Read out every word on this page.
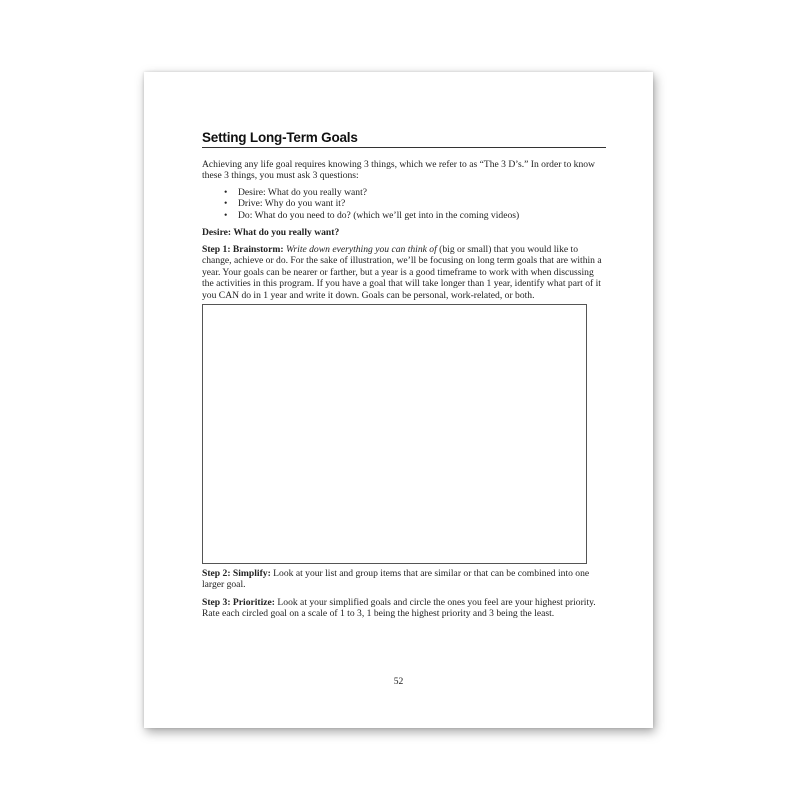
Setting Long-Term Goals

Achieving any life goal requires knowing 3 things, which we refer to as “The 3 D’s.” In order to know these 3 things, you must ask 3 questions:

• Desire: What do you really want?
• Drive: Why do you want it?
• Do: What do you need to do? (which we’ll get into in the coming videos)

Desire: What do you really want?

Step 1: Brainstorm: Write down everything you can think of (big or small) that you would like to change, achieve or do. For the sake of illustration, we’ll be focusing on long term goals that are within a year. Your goals can be nearer or farther, but a year is a good timeframe to work with when discussing the activities in this program. If you have a goal that will take longer than 1 year, identify what part of it you CAN do in 1 year and write it down. Goals can be personal, work-related, or both.

Step 2: Simplify: Look at your list and group items that are similar or that can be combined into one larger goal.

Step 3: Prioritize: Look at your simplified goals and circle the ones you feel are your highest priority. Rate each circled goal on a scale of 1 to 3, 1 being the highest priority and 3 being the least.

52
